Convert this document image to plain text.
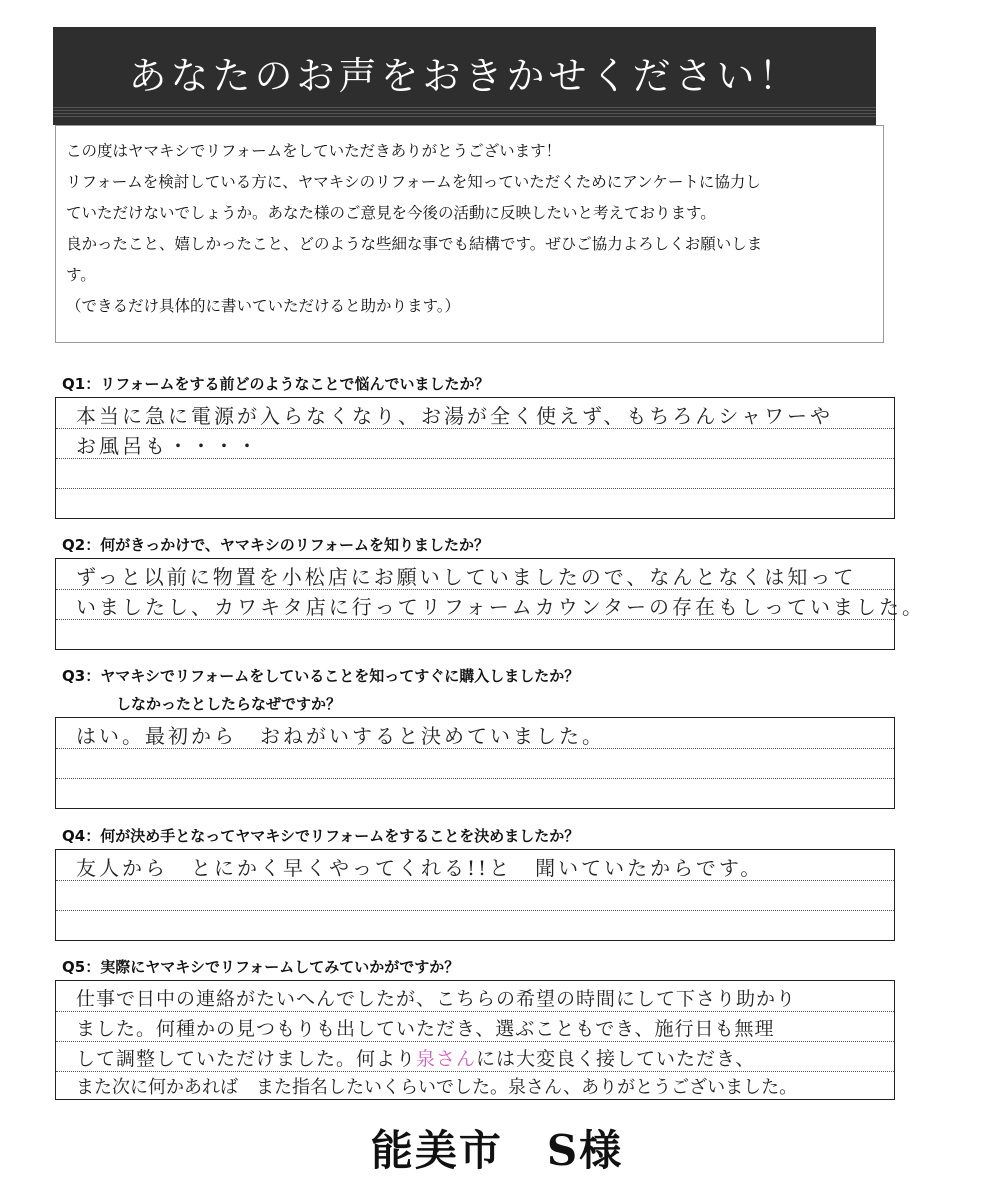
あなたのお声をおきかせください！
この度はヤマキシでリフォームをしていただきありがとうございます！
リフォームを検討している方に、ヤマキシのリフォームを知っていただくためにアンケートに協力し
ていただけないでしょうか。あなた様のご意見を今後の活動に反映したいと考えております。
良かったこと、嬉しかったこと、どのような些細な事でも結構です。ぜひご協力よろしくお願いしま
す。
（できるだけ具体的に書いていただけると助かります。）
Q1：リフォームをする前どのようなことで悩んでいましたか？
本当に急に電源が入らなくなり、お湯が全く使えず、もちろんシャワーや
お風呂も・・・・
Q2：何がきっかけで、ヤマキシのリフォームを知りましたか？
ずっと以前に物置を小松店にお願いしていましたので、なんとなくは知って
いましたし、カワキタ店に行ってリフォームカウンターの存在もしっていました。
Q3：ヤマキシでリフォームをしていることを知ってすぐに購入しましたか？
しなかったとしたらなぜですか？
はい。最初から　おねがいすると決めていました。
Q4：何が決め手となってヤマキシでリフォームをすることを決めましたか？
友人から　とにかく早くやってくれる!!と　聞いていたからです。
Q5：実際にヤマキシでリフォームしてみていかがですか？
仕事で日中の連絡がたいへんでしたが、こちらの希望の時間にして下さり助かり
ました。何種かの見つもりも出していただき、選ぶこともでき、施行日も無理
して調整していただけました。何より泉さんには大変良く接していただき、
また次に何かあれば　また指名したいくらいでした。泉さん、ありがとうございました。
能美市　S様
